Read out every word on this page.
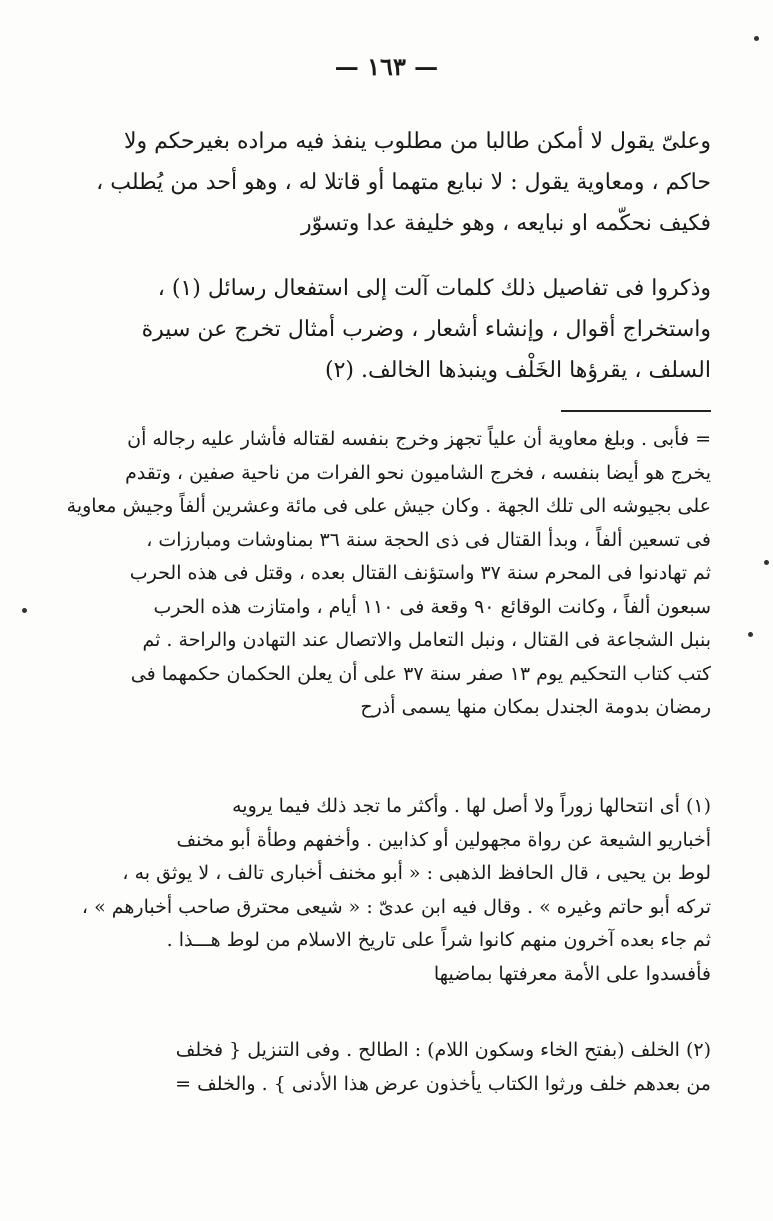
— ١٦٣ —
وعلىّ يقول لا أمكن طالبا من مطلوب ينفذ فيه مراده بغيرحكم ولا
حاكم ، ومعاوية يقول : لا نبايع متهما أو قاتلا له ، وهو أحد من يُطلب ،
فكيف نحكّمه او نبايعه ، وهو خليفة عدا وتسوّر
وذكروا فى تفاصيل ذلك كلمات آلت إلى استفعال رسائل (١) ،
واستخراج أقوال ، وإنشاء أشعار ، وضرب أمثال تخرج عن سيرة
السلف ، يقرؤها الخَلْف وينبذها الخالف. (٢)
= فأبى . وبلغ معاوية أن علياً تجهز وخرج بنفسه لقتاله فأشار عليه رجاله أن
يخرج هو أيضا بنفسه ، فخرج الشاميون نحو الفرات من ناحية صفين ، وتقدم
على بجيوشه الى تلك الجهة . وكان جيش على فى مائة وعشرين ألفاً وجيش معاوية
فى تسعين ألفاً ، وبدأ القتال فى ذى الحجة سنة ٣٦ بمناوشات ومبارزات ،
ثم تهادنوا فى المحرم سنة ٣٧ واستؤنف القتال بعده ، وقتل فى هذه الحرب
سبعون ألفاً ، وكانت الوقائع ٩٠ وقعة فى ١١٠ أيام ، وامتازت هذه الحرب
بنبل الشجاعة فى القتال ، ونبل التعامل والاتصال عند التهادن والراحة . ثم
كتب كتاب التحكيم يوم ١٣ صفر سنة ٣٧ على أن يعلن الحكمان حكمهما فى
رمضان بدومة الجندل بمكان منها يسمى أذرح
(١) أى انتحالها زوراً ولا أصل لها . وأكثر ما تجد ذلك فيما يرويه
أخباريو الشيعة عن رواة مجهولين أو كذابين . وأخفهم وطأة أبو مخنف
لوط بن يحيى ، قال الحافظ الذهبى : « أبو مخنف أخبارى تالف ، لا يوثق به ،
تركه أبو حاتم وغيره » . وقال فيه ابن عدىّ : « شيعى محترق صاحب أخبارهم » ،
ثم جاء بعده آخرون منهم كانوا شراً على تاريخ الاسلام من لوط هـــذا .
فأفسدوا على الأمة معرفتها بماضيها
(٢) الخلف (بفتح الخاء وسكون اللام) : الطالح . وفى التنزيل { فخلف
من بعدهم خلف ورثوا الكتاب يأخذون عرض هذا الأدنى } . والخلف =
